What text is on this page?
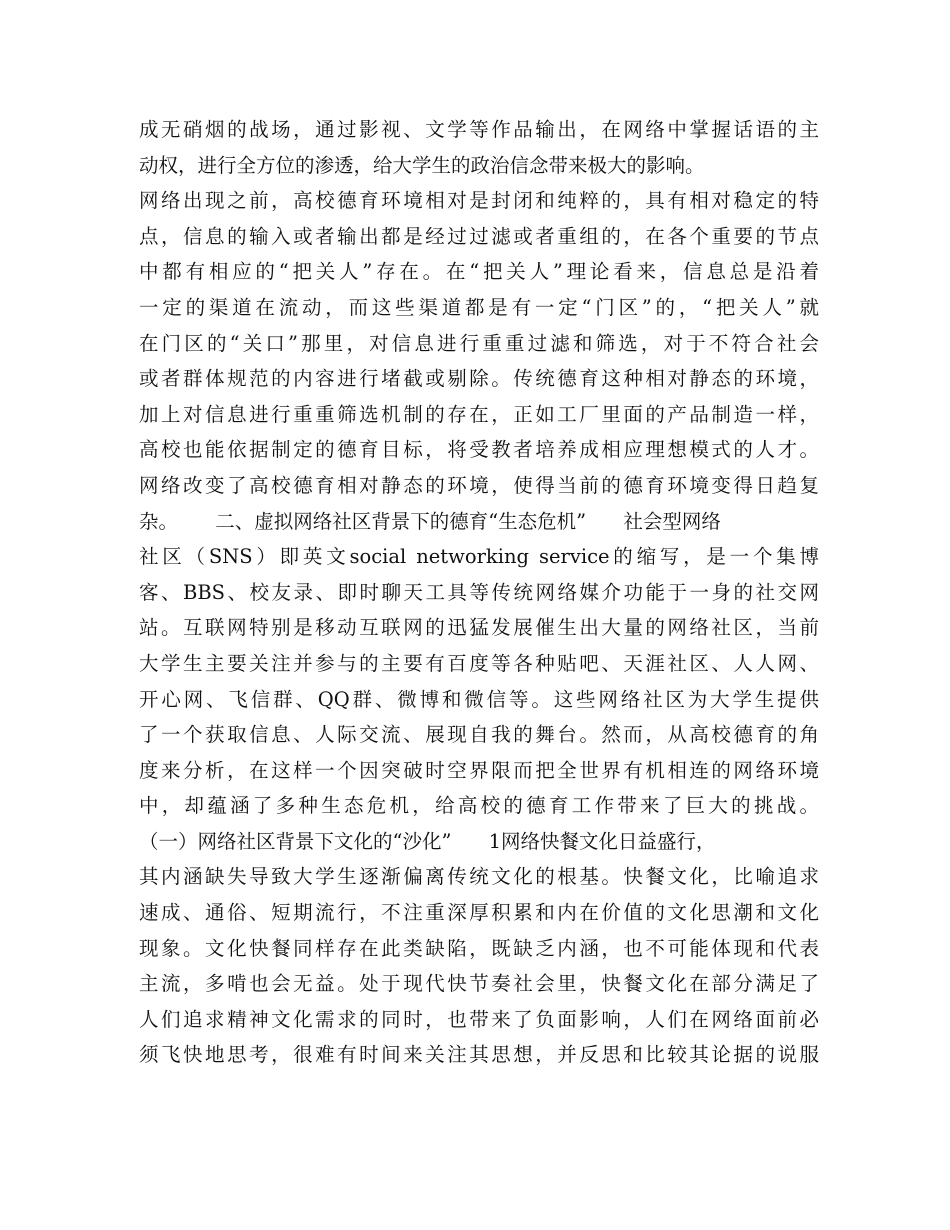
成无硝烟的战场，通过影视、文学等作品输出，在网络中掌握话语的主
动权，进行全方位的渗透，给大学生的政治信念带来极大的影响。
网络出现之前，高校德育环境相对是封闭和纯粹的，具有相对稳定的特
点，信息的输入或者输出都是经过过滤或者重组的，在各个重要的节点
中都有相应的“把关人”存在。在“把关人”理论看来，信息总是沿着
一定的渠道在流动，而这些渠道都是有一定“门区”的，“把关人”就
在门区的“关口”那里，对信息进行重重过滤和筛选，对于不符合社会
或者群体规范的内容进行堵截或剔除。传统德育这种相对静态的环境，
加上对信息进行重重筛选机制的存在，正如工厂里面的产品制造一样，
高校也能依据制定的德育目标，将受教者培养成相应理想模式的人才。
网络改变了高校德育相对静态的环境，使得当前的德育环境变得日趋复
杂。      二、虚拟网络社区背景下的德育“生态危机”      社会型网络
社区（SNS）即英文social networking service的缩写，是一个集博
客、BBS、校友录、即时聊天工具等传统网络媒介功能于一身的社交网
站。互联网特别是移动互联网的迅猛发展催生出大量的网络社区，当前
大学生主要关注并参与的主要有百度等各种贴吧、天涯社区、人人网、
开心网、飞信群、QQ群、微博和微信等。这些网络社区为大学生提供
了一个获取信息、人际交流、展现自我的舞台。然而，从高校德育的角
度来分析，在这样一个因突破时空界限而把全世界有机相连的网络环境
中，却蕴涵了多种生态危机，给高校的德育工作带来了巨大的挑战。
（一）网络社区背景下文化的“沙化”      1网络快餐文化日益盛行，
其内涵缺失导致大学生逐渐偏离传统文化的根基。快餐文化，比喻追求
速成、通俗、短期流行，不注重深厚积累和内在价值的文化思潮和文化
现象。文化快餐同样存在此类缺陷，既缺乏内涵，也不可能体现和代表
主流，多啃也会无益。处于现代快节奏社会里，快餐文化在部分满足了
人们追求精神文化需求的同时，也带来了负面影响，人们在网络面前必
须飞快地思考，很难有时间来关注其思想，并反思和比较其论据的说服
